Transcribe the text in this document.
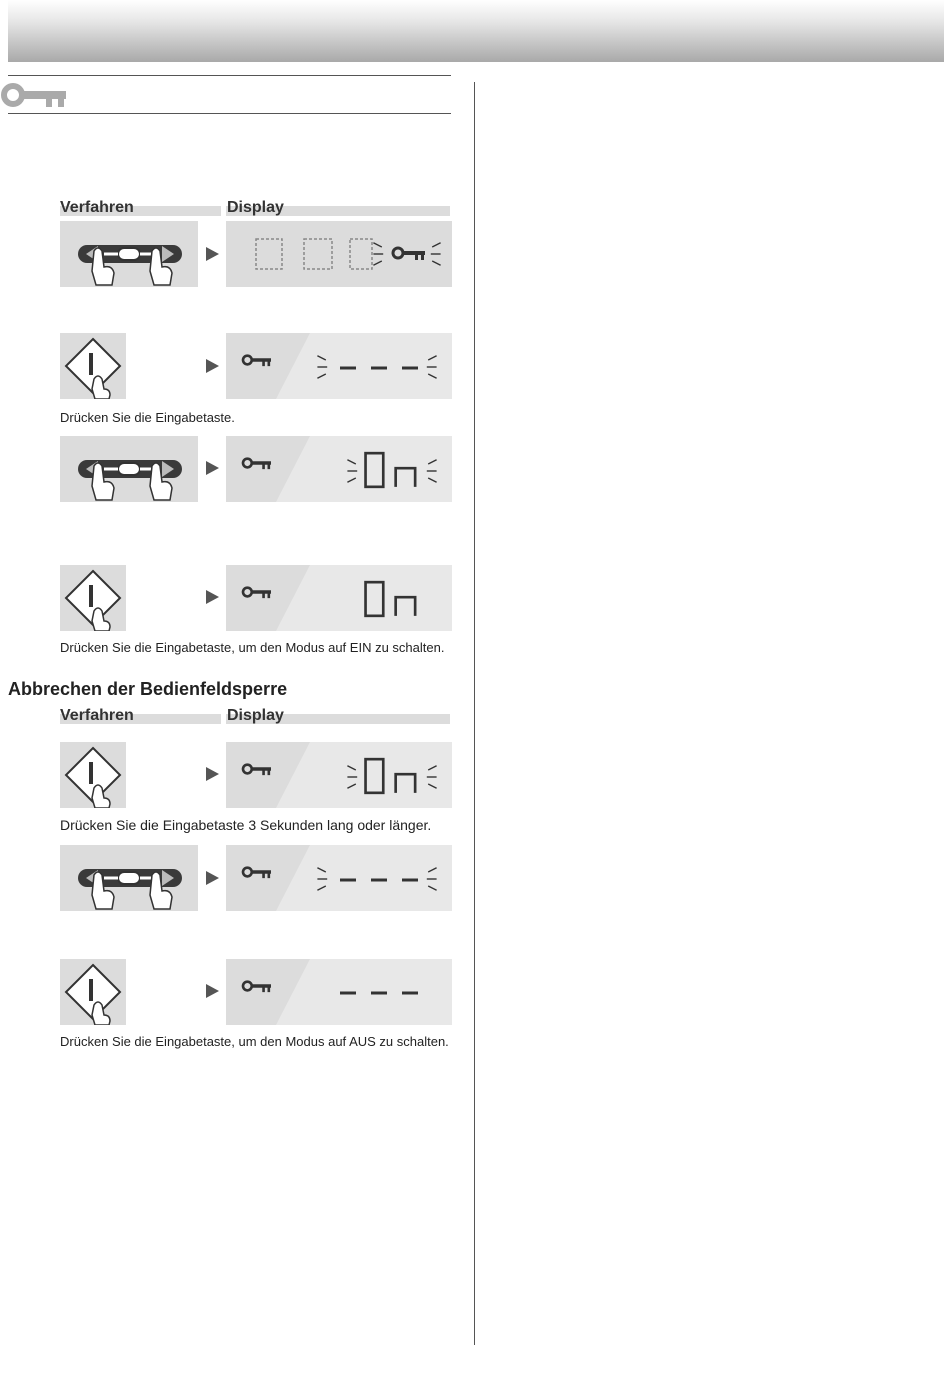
Verfahren	Display
Drücken Sie die Eingabetaste.
Drücken Sie die Eingabetaste, um den Modus auf EIN zu schalten.
Abbrechen der Bedienfeldsperre
Verfahren	Display
Drücken Sie die Eingabetaste 3 Sekunden lang oder länger.
Drücken Sie die Eingabetaste, um den Modus auf AUS zu schalten.
